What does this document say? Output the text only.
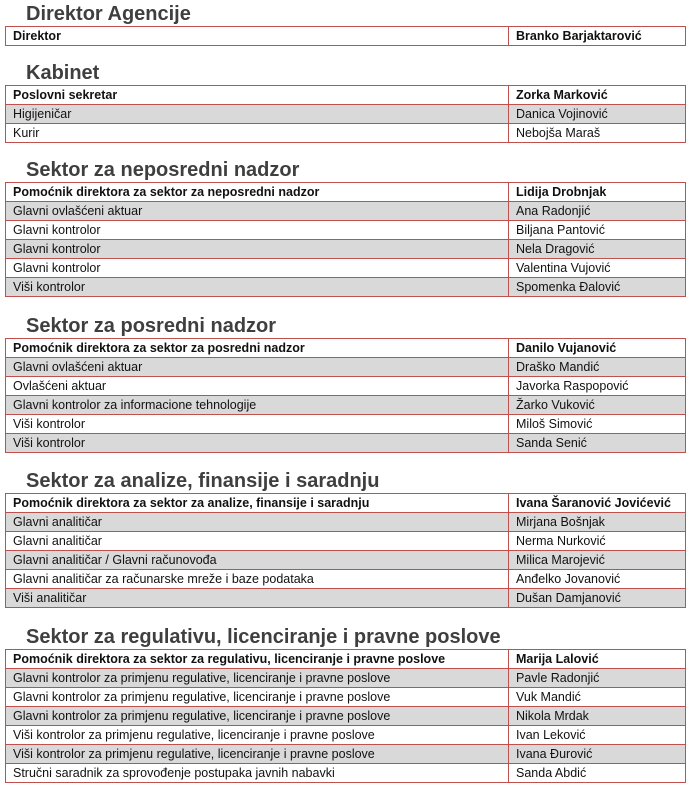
Direktor Agencije
Direktor	Branko Barjaktarović
Kabinet
Poslovni sekretar	Zorka Marković
Higijeničar	Danica Vojinović
Kurir	Nebojša Maraš
Sektor za neposredni nadzor
Pomoćnik direktora za sektor za neposredni nadzor	Lidija Drobnjak
Glavni ovlašćeni aktuar	Ana Radonjić
Glavni kontrolor	Biljana Pantović
Glavni kontrolor	Nela Dragović
Glavni kontrolor	Valentina Vujović
Viši kontrolor	Spomenka Đalović
Sektor za posredni nadzor
Pomoćnik direktora za sektor za posredni nadzor	Danilo Vujanović
Glavni ovlašćeni aktuar	Draško Mandić
Ovlašćeni aktuar	Javorka Raspopović
Glavni kontrolor za informacione tehnologije	Žarko Vuković
Viši kontrolor	Miloš Simović
Viši kontrolor	Sanda Senić
Sektor za analize, finansije i saradnju
Pomoćnik direktora za sektor za analize, finansije i saradnju	Ivana Šaranović Jovićević
Glavni analitičar	Mirjana Bošnjak
Glavni analitičar	Nerma Nurković
Glavni analitičar / Glavni računovođa	Milica Marojević
Glavni analitičar za računarske mreže i baze podataka	Anđelko Jovanović
Viši analitičar	Dušan Damjanović
Sektor za regulativu, licenciranje i pravne poslove
Pomoćnik direktora za sektor za regulativu, licenciranje i pravne poslove	Marija Lalović
Glavni kontrolor za primjenu regulative, licenciranje i pravne poslove	Pavle Radonjić
Glavni kontrolor za primjenu regulative, licenciranje i pravne poslove	Vuk Mandić
Glavni kontrolor za primjenu regulative, licenciranje i pravne poslove	Nikola Mrdak
Viši kontrolor za primjenu regulative, licenciranje i pravne poslove	Ivan Leković
Viši kontrolor za primjenu regulative, licenciranje i pravne poslove	Ivana Đurović
Stručni saradnik za sprovođenje postupaka javnih nabavki	Sanda Abdić
